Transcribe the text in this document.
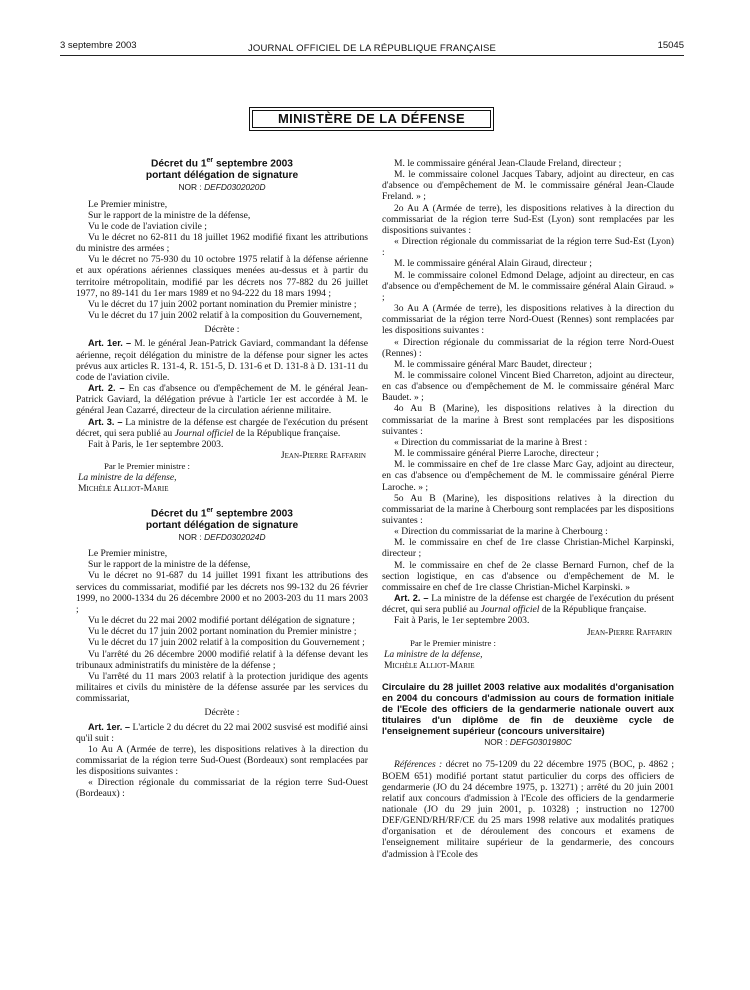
3 septembre 2003	JOURNAL OFFICIEL DE LA RÉPUBLIQUE FRANÇAISE	15045
MINISTÈRE DE LA DÉFENSE

Décret du 1er septembre 2003

portant délégation de signature

NOR : DEFD0302020D

Le Premier ministre,

Sur le rapport de la ministre de la défense,

Vu le code de l'aviation civile ;

Vu le décret no 62-811 du 18 juillet 1962 modifié fixant les attributions du ministre des armées ;

Vu le décret no 75-930 du 10 octobre 1975 relatif à la défense aérienne et aux opérations aériennes classiques menées au-dessus et à partir du territoire métropolitain, modifié par les décrets nos 77-882 du 26 juillet 1977, no 89-141 du 1er mars 1989 et no 94-222 du 18 mars 1994 ;

Vu le décret du 17 juin 2002 portant nomination du Premier ministre ;

Vu le décret du 17 juin 2002 relatif à la composition du Gouvernement,

Décrète :

Art. 1er. – M. le général Jean-Patrick Gaviard, commandant la défense aérienne, reçoit délégation du ministre de la défense pour signer les actes prévus aux articles R. 131-4, R. 151-5, D. 131-6 et D. 131-8 à D. 131-11 du code de l'aviation civile.

Art. 2. – En cas d'absence ou d'empêchement de M. le général Jean-Patrick Gaviard, la délégation prévue à l'article 1er est accordée à M. le général Jean Cazarré, directeur de la circulation aérienne militaire.

Art. 3. – La ministre de la défense est chargée de l'exécution du présent décret, qui sera publié au Journal officiel de la République française.

Fait à Paris, le 1er septembre 2003.

Jean-Pierre Raffarin

Par le Premier ministre :

La ministre de la défense,

Michèle Alliot-Marie

Décret du 1er septembre 2003

portant délégation de signature

NOR : DEFD0302024D

Le Premier ministre,

Sur le rapport de la ministre de la défense,

Vu le décret no 91-687 du 14 juillet 1991 fixant les attributions des services du commissariat, modifié par les décrets nos 99-132 du 26 février 1999, no 2000-1334 du 26 décembre 2000 et no 2003-203 du 11 mars 2003 ;

Vu le décret du 22 mai 2002 modifié portant délégation de signature ;

Vu le décret du 17 juin 2002 portant nomination du Premier ministre ;

Vu le décret du 17 juin 2002 relatif à la composition du Gouvernement ;

Vu l'arrêté du 26 décembre 2000 modifié relatif à la défense devant les tribunaux administratifs du ministère de la défense ;

Vu l'arrêté du 11 mars 2003 relatif à la protection juridique des agents militaires et civils du ministère de la défense assurée par les services du commissariat,

Décrète :

Art. 1er. – L'article 2 du décret du 22 mai 2002 susvisé est modifié ainsi qu'il suit :

1o Au A (Armée de terre), les dispositions relatives à la direction du commissariat de la région terre Sud-Ouest (Bordeaux) sont remplacées par les dispositions suivantes :

« Direction régionale du commissariat de la région terre Sud-Ouest (Bordeaux) :

M. le commissaire général Jean-Claude Freland, directeur ;

M. le commissaire colonel Jacques Tabary, adjoint au directeur, en cas d'absence ou d'empêchement de M. le commissaire général Jean-Claude Freland. » ;

2o Au A (Armée de terre), les dispositions relatives à la direction du commissariat de la région terre Sud-Est (Lyon) sont remplacées par les dispositions suivantes :

« Direction régionale du commissariat de la région terre Sud-Est (Lyon) :

M. le commissaire général Alain Giraud, directeur ;

M. le commissaire colonel Edmond Delage, adjoint au directeur, en cas d'absence ou d'empêchement de M. le commissaire général Alain Giraud. » ;

3o Au A (Armée de terre), les dispositions relatives à la direction du commissariat de la région terre Nord-Ouest (Rennes) sont remplacées par les dispositions suivantes :

« Direction régionale du commissariat de la région terre Nord-Ouest (Rennes) :

M. le commissaire général Marc Baudet, directeur ;

M. le commissaire colonel Vincent Bied Charreton, adjoint au directeur, en cas d'absence ou d'empêchement de M. le commissaire général Marc Baudet. » ;

4o Au B (Marine), les dispositions relatives à la direction du commissariat de la marine à Brest sont remplacées par les dispositions suivantes :

« Direction du commissariat de la marine à Brest :

M. le commissaire général Pierre Laroche, directeur ;

M. le commissaire en chef de 1re classe Marc Gay, adjoint au directeur, en cas d'absence ou d'empêchement de M. le commissaire général Pierre Laroche. » ;

5o Au B (Marine), les dispositions relatives à la direction du commissariat de la marine à Cherbourg sont remplacées par les dispositions suivantes :

« Direction du commissariat de la marine à Cherbourg :

M. le commissaire en chef de 1re classe Christian-Michel Karpinski, directeur ;

M. le commissaire en chef de 2e classe Bernard Furnon, chef de la section logistique, en cas d'absence ou d'empêchement de M. le commissaire en chef de 1re classe Christian-Michel Karpinski. »

Art. 2. – La ministre de la défense est chargée de l'exécution du présent décret, qui sera publié au Journal officiel de la République française.

Fait à Paris, le 1er septembre 2003.

Jean-Pierre Raffarin

Par le Premier ministre :

La ministre de la défense,

Michèle Alliot-Marie

Circulaire du 28 juillet 2003 relative aux modalités d'organisation en 2004 du concours d'admission au cours de formation initiale de l'Ecole des officiers de la gendarmerie nationale ouvert aux titulaires d'un diplôme de fin de deuxième cycle de l'enseignement supérieur (concours universitaire)

NOR : DEFG0301980C

Références : décret no 75-1209 du 22 décembre 1975 (BOC, p. 4862 ; BOEM 651) modifié portant statut particulier du corps des officiers de gendarmerie (JO du 24 décembre 1975, p. 13271) ; arrêté du 20 juin 2001 relatif aux concours d'admission à l'Ecole des officiers de la gendarmerie nationale (JO du 29 juin 2001, p. 10328) ; instruction no 12700 DEF/GEND/RH/RF/CE du 25 mars 1998 relative aux modalités pratiques d'organisation et de déroulement des concours et examens de l'enseignement militaire supérieur de la gendarmerie, des concours d'admission à l'Ecole des
